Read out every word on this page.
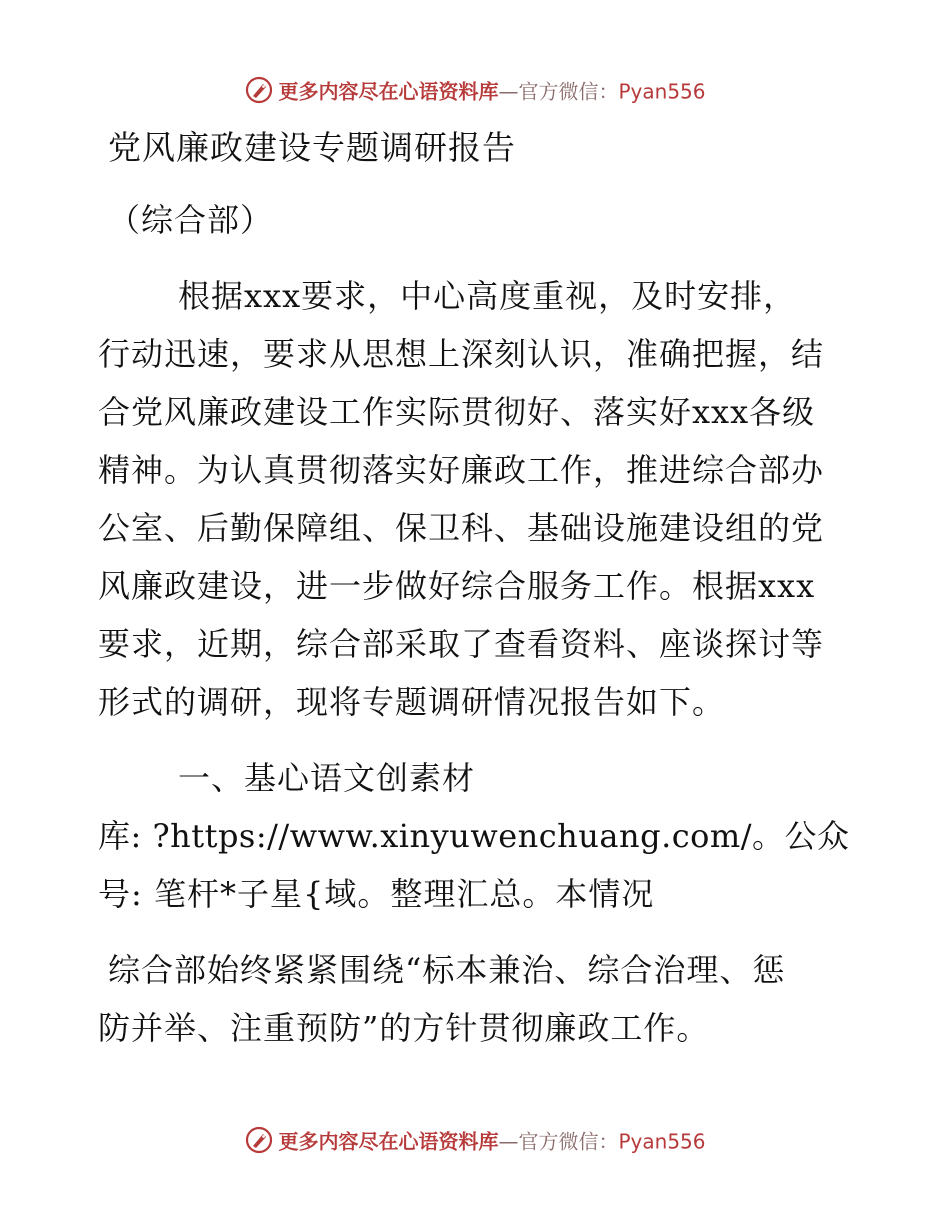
更多内容尽在心语资料库—官方微信：Pyan556
党风廉政建设专题调研报告
（综合部）
根据xxx要求，中心高度重视，及时安排，
行动迅速，要求从思想上深刻认识，准确把握，结
合党风廉政建设工作实际贯彻好、落实好xxx各级
精神。为认真贯彻落实好廉政工作，推进综合部办
公室、后勤保障组、保卫科、基础设施建设组的党
风廉政建设，进一步做好综合服务工作。根据xxx
要求，近期，综合部采取了查看资料、座谈探讨等
形式的调研，现将专题调研情况报告如下。
一、基心语文创素材
库: ?https://www.xinyuwenchuang.com/。公众
号: 笔杆*子星{域。整理汇总。本情况
综合部始终紧紧围绕“标本兼治、综合治理、惩
防并举、注重预防”的方针贯彻廉政工作。
更多内容尽在心语资料库—官方微信：Pyan556
